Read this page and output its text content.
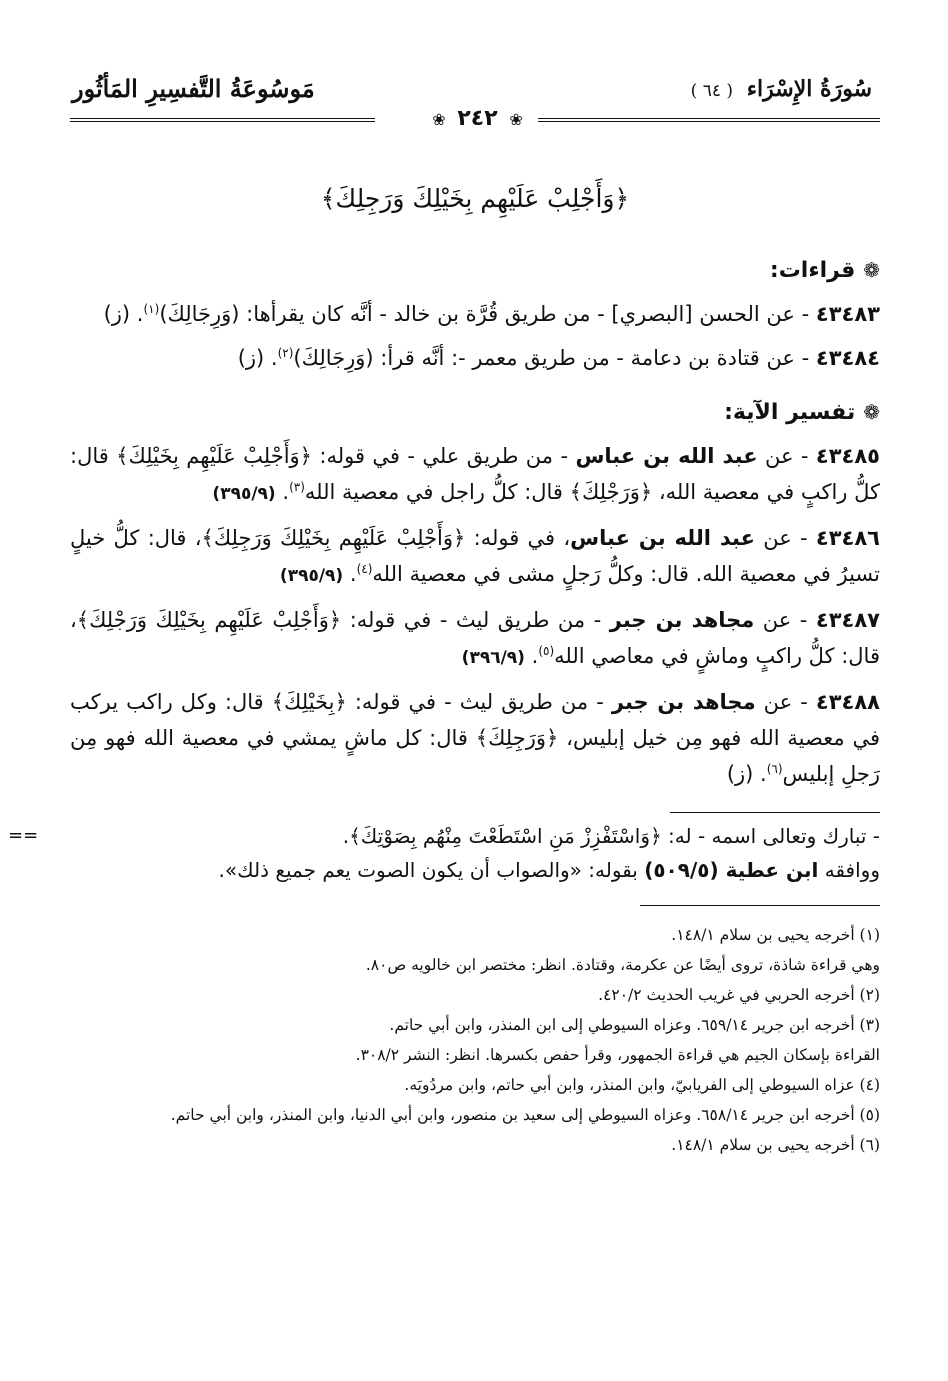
سُورَةُ الإِسْرَاء ( ٦٤ )
مَوسُوعَةُ التَّفسِيرِ المَأثُور
❀ ٢٤٢ ❀
﴿وَأَجْلِبْ عَلَيْهِم بِخَيْلِكَ وَرَجِلِكَ﴾
❁قراءات:

٤٣٤٨٣ - عن الحسن [البصري] - من طريق قُرَّة بن خالد - أنَّه كان يقرأها: (وَرِجَالِكَ)$^{(١)}$. (ز)

٤٣٤٨٤ - عن قتادة بن دعامة - من طريق معمر -: أنَّه قرأ: (وَرِجَالِكَ)$^{(٢)}$. (ز)

❁تفسير الآية:

٤٣٤٨٥ - عن عبد الله بن عباس - من طريق علي - في قوله: ﴿وَأَجْلِبْ عَلَيْهِم بِخَيْلِكَ﴾ قال: كلُّ راكبٍ في معصية الله، ﴿وَرَجْلِكَ﴾ قال: كلُّ راجل في معصية الله$^{(٣)}$. (٣٩٥/٩)

٤٣٤٨٦ - عن عبد الله بن عباس، في قوله: ﴿وَأَجْلِبْ عَلَيْهِم بِخَيْلِكَ وَرَجِلِكَ﴾، قال: كلُّ خيلٍ تسيرُ في معصية الله. قال: وكلُّ رَجلٍ مشى في معصية الله$^{(٤)}$. (٣٩٥/٩)

٤٣٤٨٧ - عن مجاهد بن جبر - من طريق ليث - في قوله: ﴿وَأَجْلِبْ عَلَيْهِم بِخَيْلِكَ وَرَجْلِكَ﴾، قال: كلُّ راكبٍ وماشٍ في معاصي الله$^{(٥)}$. (٣٩٦/٩)

٤٣٤٨٨ - عن مجاهد بن جبر - من طريق ليث - في قوله: ﴿بِخَيْلِكَ﴾ قال: وكل راكب يركب في معصية الله فهو مِن خيل إبليس، ﴿وَرَجِلِكَ﴾ قال: كل ماشٍ يمشي في معصية الله فهو مِن رَجلِ إبليس$^{(٦)}$. (ز)

==	- تبارك وتعالى اسمه - له: ﴿وَاسْتَفْزِزْ مَنِ اسْتَطَعْتَ مِنْهُم بِصَوْتِكَ﴾.
ووافقه ابن عطية (٥٠٩/٥) بقوله: «والصواب أن يكون الصوت يعم جميع ذلك».

(١) أخرجه يحيى بن سلام ١٤٨/١.

وهي قراءة شاذة، تروى أيضًا عن عكرمة، وقتادة. انظر: مختصر ابن خالويه ص٨٠.

(٢) أخرجه الحربي في غريب الحديث ٤٢٠/٢.

(٣) أخرجه ابن جرير ٦٥٩/١٤. وعزاه السيوطي إلى ابن المنذر، وابن أبي حاتم.

القراءة بإسكان الجيم هي قراءة الجمهور، وقرأ حفص بكسرها. انظر: النشر ٣٠٨/٢.

(٤) عزاه السيوطي إلى الفريابيّ، وابن المنذر، وابن أبي حاتم، وابن مردُويَه.

(٥) أخرجه ابن جرير ٦٥٨/١٤. وعزاه السيوطي إلى سعيد بن منصور، وابن أبي الدنيا، وابن المنذر، وابن أبي حاتم.

(٦) أخرجه يحيى بن سلام ١٤٨/١.
